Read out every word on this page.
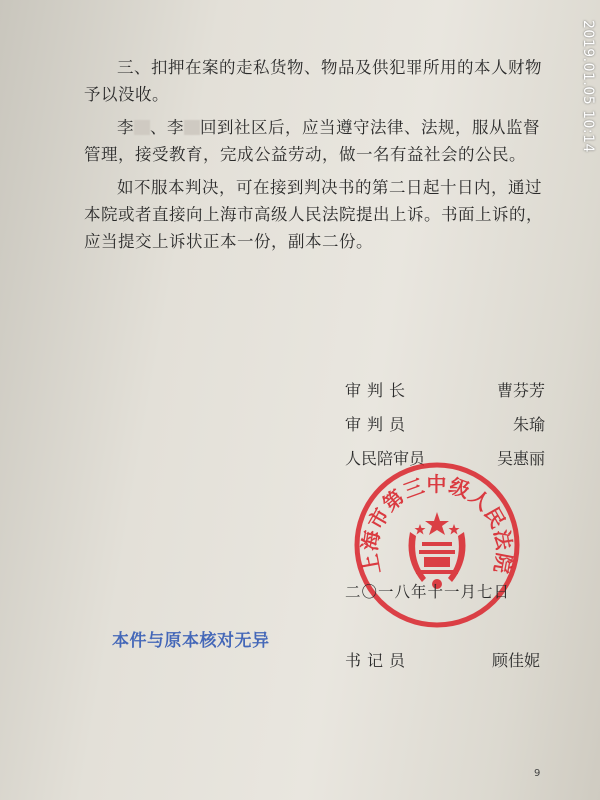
2019.01.05 10:14

三、扣押在案的走私货物、物品及供犯罪所用的本人财物予以没收。

李 、李 回到社区后，应当遵守法律、法规，服从监督管理，接受教育，完成公益劳动，做一名有益社会的公民。

如不服本判决，可在接到判决书的第二日起十日内，通过本院或者直接向上海市高级人民法院提出上诉。书面上诉的，应当提交上诉状正本一份，副本二份。

审判长	曹芬芳
审判员	朱瑜
人民陪审员	吴惠丽
上海市第三中级人民法院
二〇一八年十一月七日
本件与原本核对无异
书记员	顾佳妮
9
